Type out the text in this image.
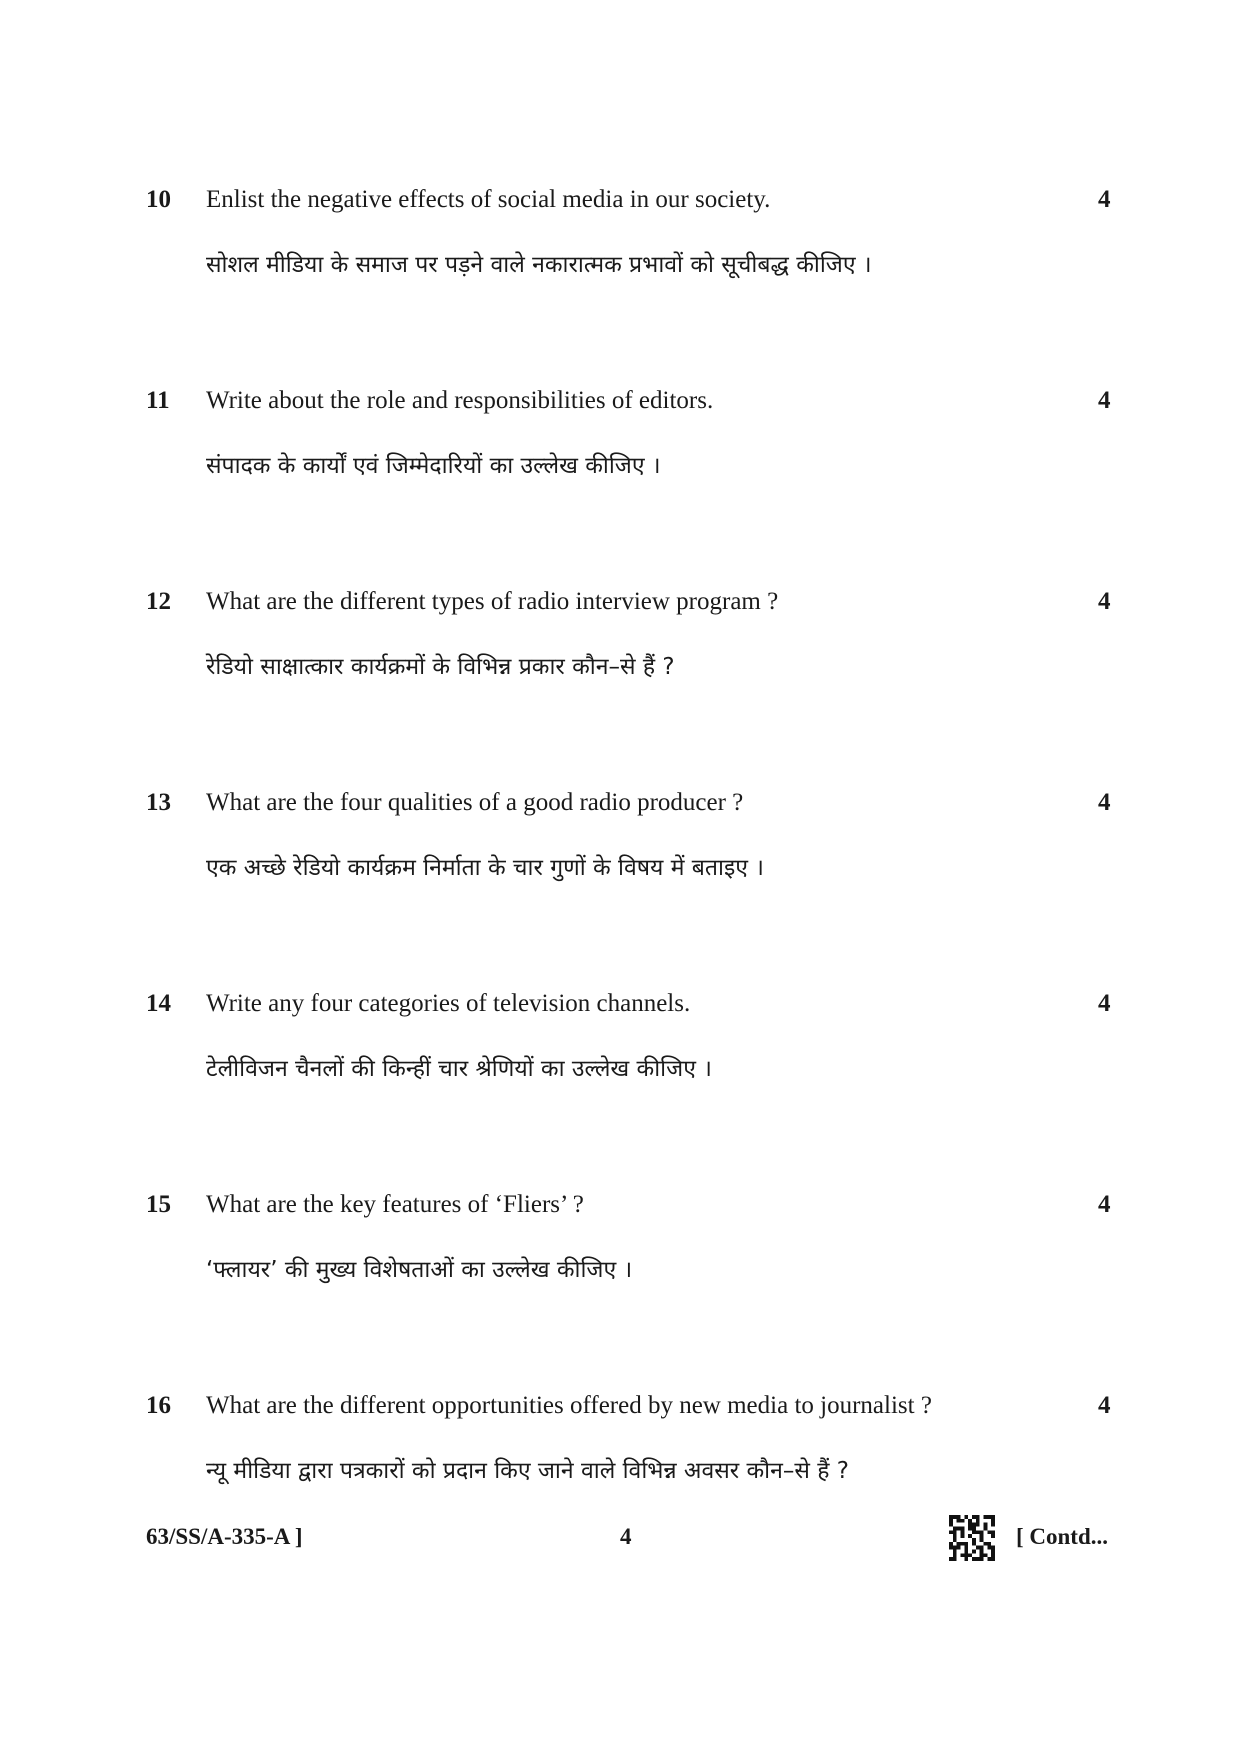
10 Enlist the negative effects of social media in our society.	4
सोशल मीडिया के समाज पर पड़ने वाले नकारात्मक प्रभावों को सूचीबद्ध कीजिए ।
11 Write about the role and responsibilities of editors.	4
संपादक के कार्यों एवं जिम्मेदारियों का उल्लेख कीजिए ।
12 What are the different types of radio interview program ?	4
रेडियो साक्षात्कार कार्यक्रमों के विभिन्न प्रकार कौन–से हैं ?
13 What are the four qualities of a good radio producer ?	4
एक अच्छे रेडियो कार्यक्रम निर्माता के चार गुणों के विषय में बताइए ।
14 Write any four categories of television channels.	4
टेलीविजन चैनलों की किन्हीं चार श्रेणियों का उल्लेख कीजिए ।
15 What are the key features of ‘Fliers’ ?	4
‘फ्लायर’ की मुख्य विशेषताओं का उल्लेख कीजिए ।
16 What are the different opportunities offered by new media to journalist ?	4
न्यू मीडिया द्वारा पत्रकारों को प्रदान किए जाने वाले विभिन्न अवसर कौन–से हैं ?
63/SS/A-335-A ]	4	[ Contd...
